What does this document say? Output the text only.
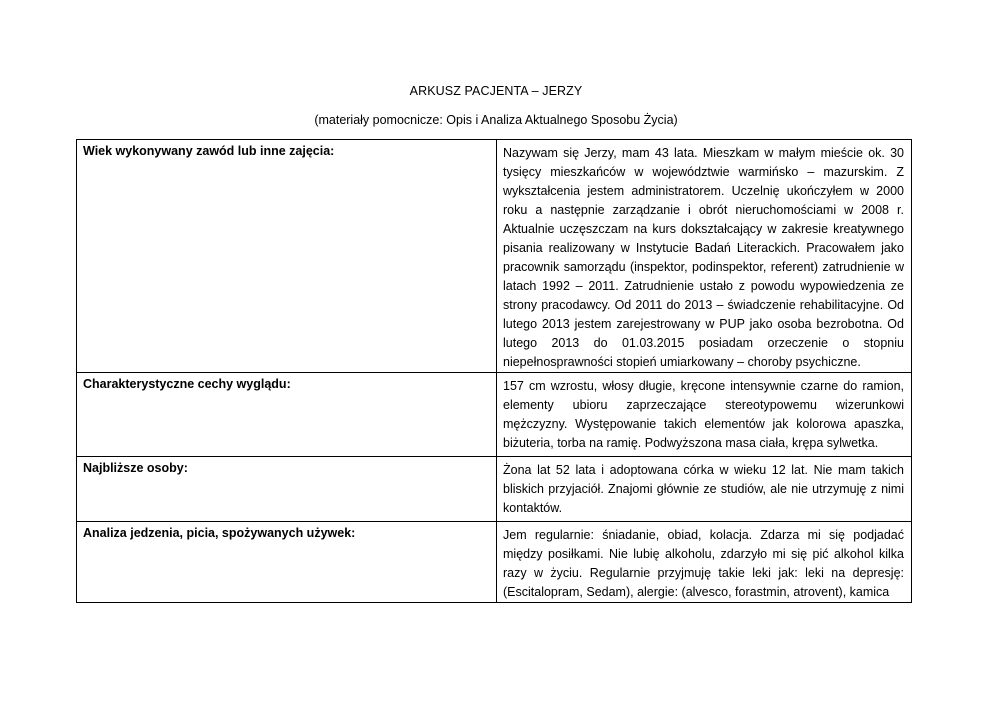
ARKUSZ PACJENTA – JERZY
(materiały pomocnicze: Opis i Analiza Aktualnego Sposobu Życia)
Wiek wykonywany zawód lub inne zajęcia:	Nazywam się Jerzy, mam 43 lata. Mieszkam w małym mieście ok. 30 tysięcy mieszkańców w województwie warmińsko – mazurskim. Z wykształcenia jestem administratorem. Uczelnię ukończyłem w 2000 roku a następnie zarządzanie i obrót nieruchomościami w 2008 r. Aktualnie uczęszczam na kurs dokształcający w zakresie kreatywnego pisania realizowany w Instytucie Badań Literackich. Pracowałem jako pracownik samorządu (inspektor, podinspektor, referent) zatrudnienie w latach 1992 – 2011. Zatrudnienie ustało z powodu wypowiedzenia ze strony pracodawcy. Od 2011 do 2013 – świadczenie rehabilitacyjne. Od lutego 2013 jestem zarejestrowany w PUP jako osoba bezrobotna. Od lutego 2013 do 01.03.2015 posiadam orzeczenie o stopniu niepełnosprawności stopień umiarkowany – choroby psychiczne.
Charakterystyczne cechy wyglądu:	157 cm wzrostu, włosy długie, kręcone intensywnie czarne do ramion, elementy ubioru zaprzeczające stereotypowemu wizerunkowi mężczyzny. Występowanie takich elementów jak kolorowa apaszka, biżuteria, torba na ramię. Podwyższona masa ciała, krępa sylwetka.
Najbliższe osoby:	Żona lat 52 lata i adoptowana córka w wieku 12 lat. Nie mam takich bliskich przyjaciół. Znajomi głównie ze studiów, ale nie utrzymuję z nimi kontaktów.
Analiza jedzenia, picia, spożywanych używek:	Jem regularnie: śniadanie, obiad, kolacja. Zdarza mi się podjadać między posiłkami. Nie lubię alkoholu, zdarzyło mi się pić alkohol kilka razy w życiu. Regularnie przyjmuję takie leki jak: leki na depresję: (Escitalopram, Sedam), alergie: (alvesco, forastmin, atrovent), kamica
